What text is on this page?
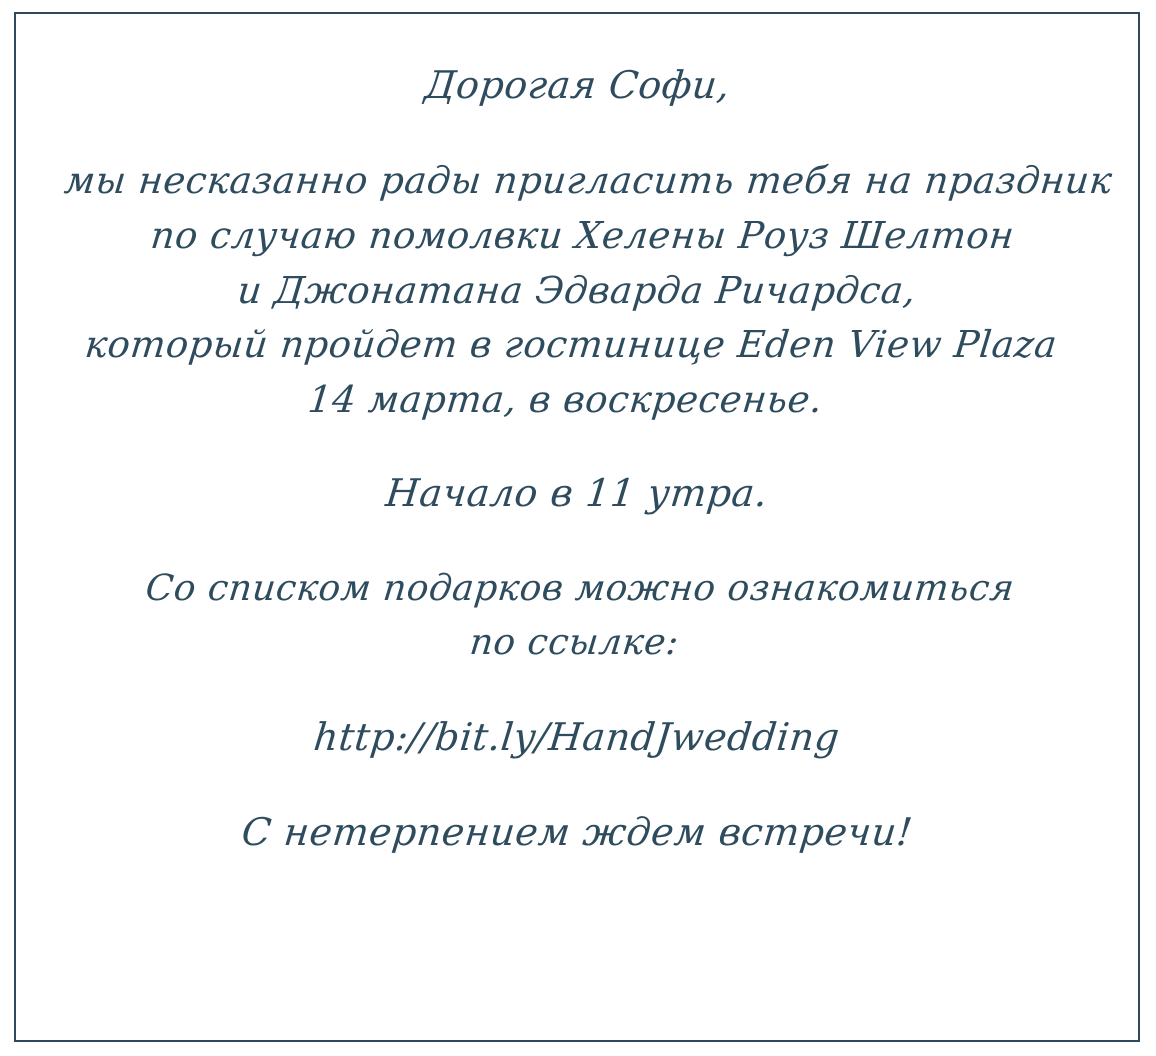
Дорогая Софи,
мы несказанно рады пригласить тебя на праздник
по случаю помолвки Хелены Роуз Шелтон
и Джонатана Эдварда Ричардса,
который пройдет в гостинице Eden View Plaza
14 марта, в воскресенье.
Начало в 11 утра.
Со списком подарков можно ознакомиться
по ссылке:
http://bit.ly/HandJwedding
С нетерпением ждем встречи!
